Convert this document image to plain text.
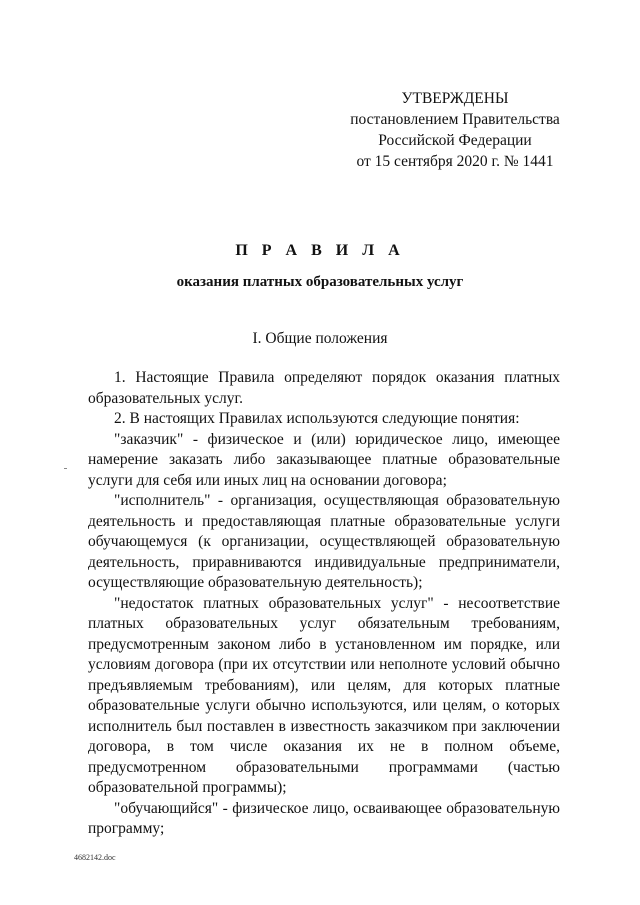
УТВЕРЖДЕНЫ
постановлением Правительства
Российской Федерации
от 15 сентября 2020 г. № 1441
П Р А В И Л А
оказания платных образовательных услуг
I. Общие положения

1. Настоящие Правила определяют порядок оказания платных образовательных услуг.

2. В настоящих Правилах используются следующие понятия:

"заказчик" - физическое и (или) юридическое лицо, имеющее намерение заказать либо заказывающее платные образовательные услуги для себя или иных лиц на основании договора;

"исполнитель" - организация, осуществляющая образовательную деятельность и предоставляющая платные образовательные услуги обучающемуся (к организации, осуществляющей образовательную деятельность, приравниваются индивидуальные предприниматели, осуществляющие образовательную деятельность);

"недостаток платных образовательных услуг" - несоответствие платных образовательных услуг обязательным требованиям, предусмотренным законом либо в установленном им порядке, или условиям договора (при их отсутствии или неполноте условий обычно предъявляемым требованиям), или целям, для которых платные образовательные услуги обычно используются, или целям, о которых исполнитель был поставлен в известность заказчиком при заключении договора, в том числе оказания их не в полном объеме, предусмотренном образовательными программами (частью образовательной программы);

"обучающийся" - физическое лицо, осваивающее образовательную программу;

4682142.doc
